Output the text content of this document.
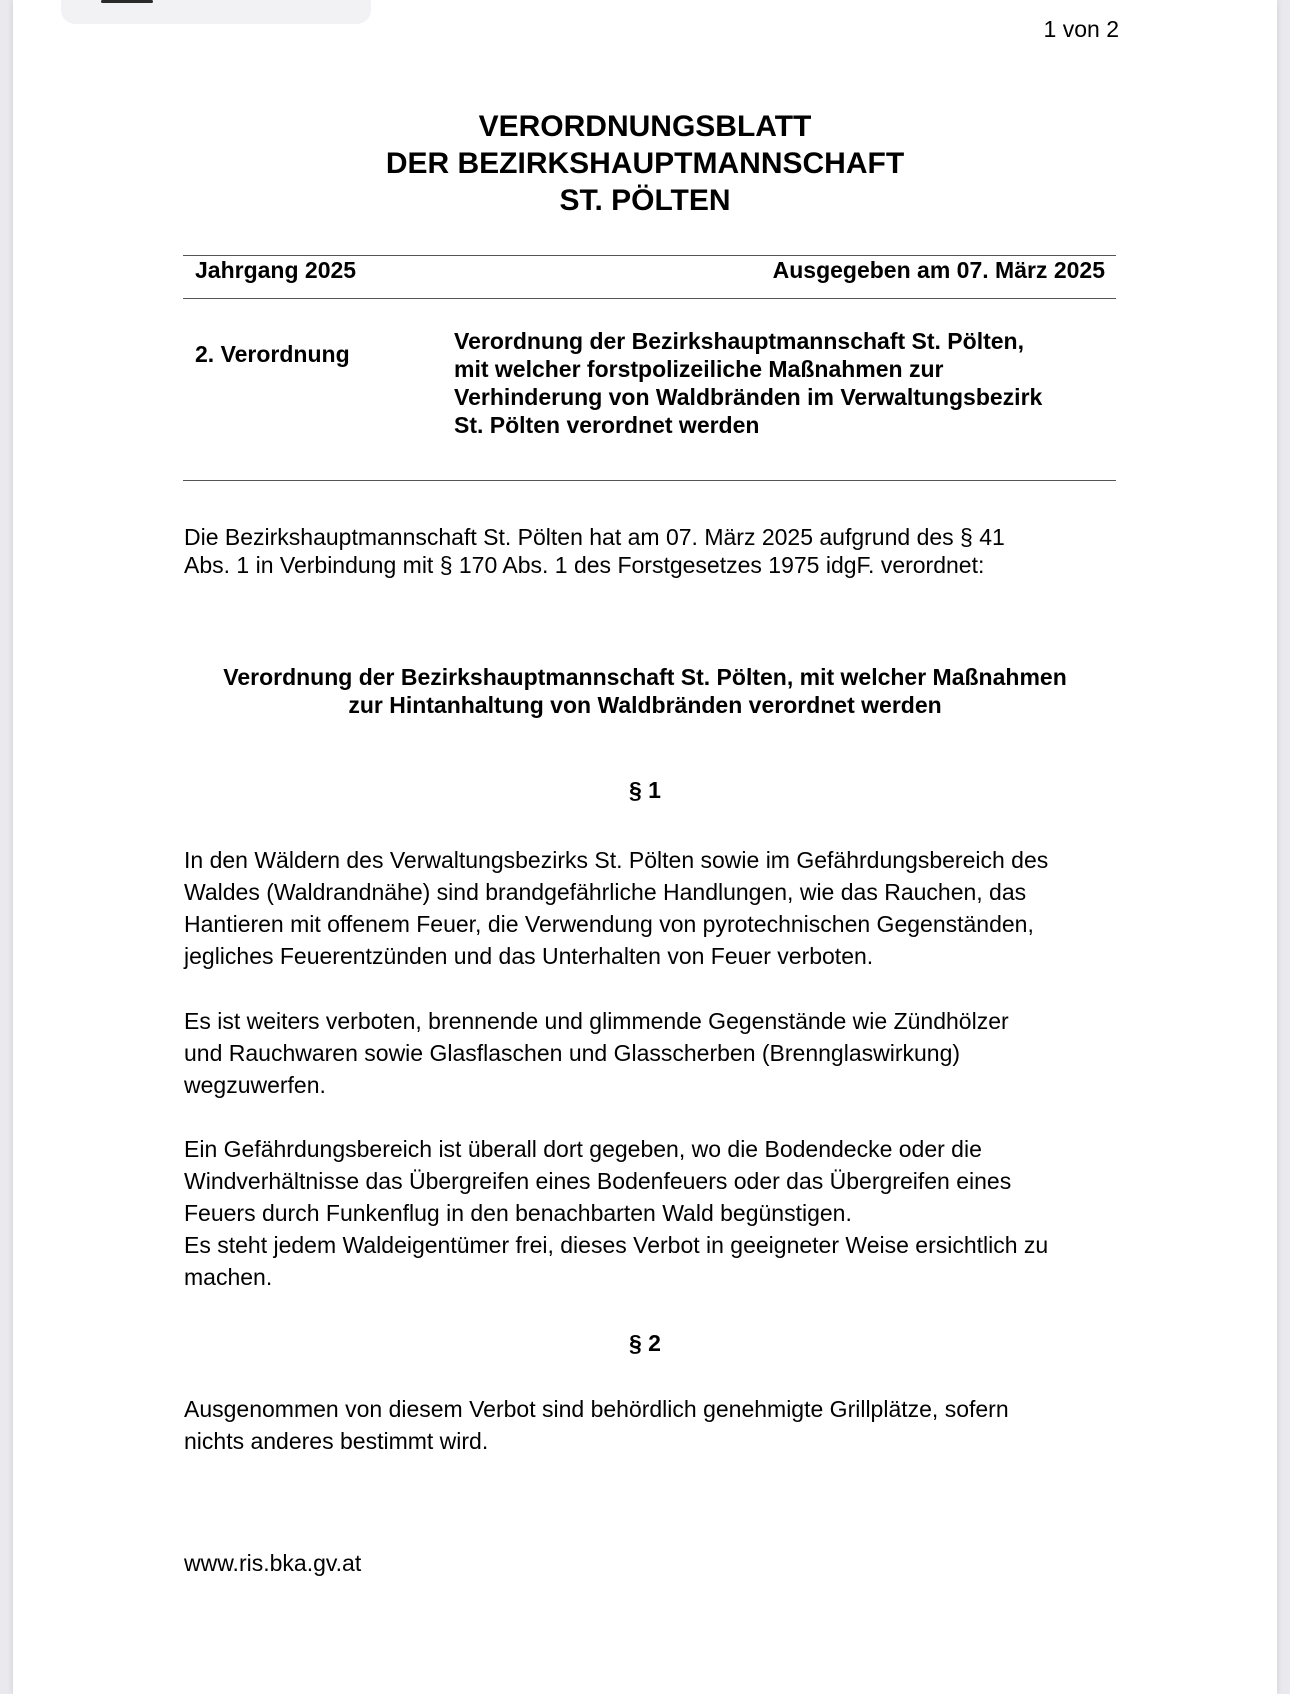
1 von 2
VERORDNUNGSBLATT
DER BEZIRKSHAUPTMANNSCHAFT
ST. PÖLTEN
Jahrgang 2025	Ausgegeben am 07. März 2025
2. Verordnung	Verordnung der Bezirkshauptmannschaft St. Pölten,
mit welcher forstpolizeiliche Maßnahmen zur
Verhinderung von Waldbränden im Verwaltungsbezirk
St. Pölten verordnet werden
Die Bezirkshauptmannschaft St. Pölten hat am 07. März 2025 aufgrund des § 41
Abs. 1 in Verbindung mit § 170 Abs. 1 des Forstgesetzes 1975 idgF. verordnet:
Verordnung der Bezirkshauptmannschaft St. Pölten, mit welcher Maßnahmen
zur Hintanhaltung von Waldbränden verordnet werden
§ 1
In den Wäldern des Verwaltungsbezirks St. Pölten sowie im Gefährdungsbereich des
Waldes (Waldrandnähe) sind brandgefährliche Handlungen, wie das Rauchen, das
Hantieren mit offenem Feuer, die Verwendung von pyrotechnischen Gegenständen,
jegliches Feuerentzünden und das Unterhalten von Feuer verboten.
Es ist weiters verboten, brennende und glimmende Gegenstände wie Zündhölzer
und Rauchwaren sowie Glasflaschen und Glasscherben (Brennglaswirkung)
wegzuwerfen.
Ein Gefährdungsbereich ist überall dort gegeben, wo die Bodendecke oder die
Windverhältnisse das Übergreifen eines Bodenfeuers oder das Übergreifen eines
Feuers durch Funkenflug in den benachbarten Wald begünstigen.
Es steht jedem Waldeigentümer frei, dieses Verbot in geeigneter Weise ersichtlich zu
machen.
§ 2
Ausgenommen von diesem Verbot sind behördlich genehmigte Grillplätze, sofern
nichts anderes bestimmt wird.
www.ris.bka.gv.at
